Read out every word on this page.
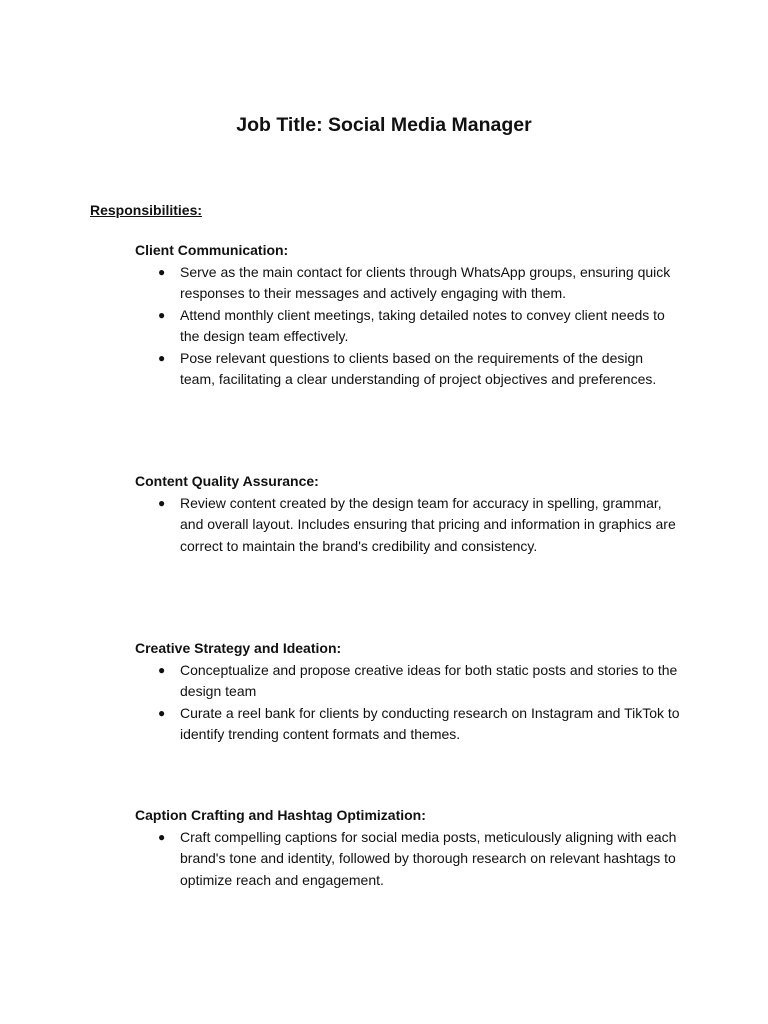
Job Title: Social Media Manager

Responsibilities:

Client Communication:

● Serve as the main contact for clients through WhatsApp groups, ensuring quick responses to their messages and actively engaging with them.
● Attend monthly client meetings, taking detailed notes to convey client needs to the design team effectively.
● Pose relevant questions to clients based on the requirements of the design team, facilitating a clear understanding of project objectives and preferences.

Content Quality Assurance:

● Review content created by the design team for accuracy in spelling, grammar, and overall layout. Includes ensuring that pricing and information in graphics are correct to maintain the brand's credibility and consistency.

Creative Strategy and Ideation:

● Conceptualize and propose creative ideas for both static posts and stories to the design team
● Curate a reel bank for clients by conducting research on Instagram and TikTok to identify trending content formats and themes.

Caption Crafting and Hashtag Optimization:

● Craft compelling captions for social media posts, meticulously aligning with each brand's tone and identity, followed by thorough research on relevant hashtags to optimize reach and engagement.
